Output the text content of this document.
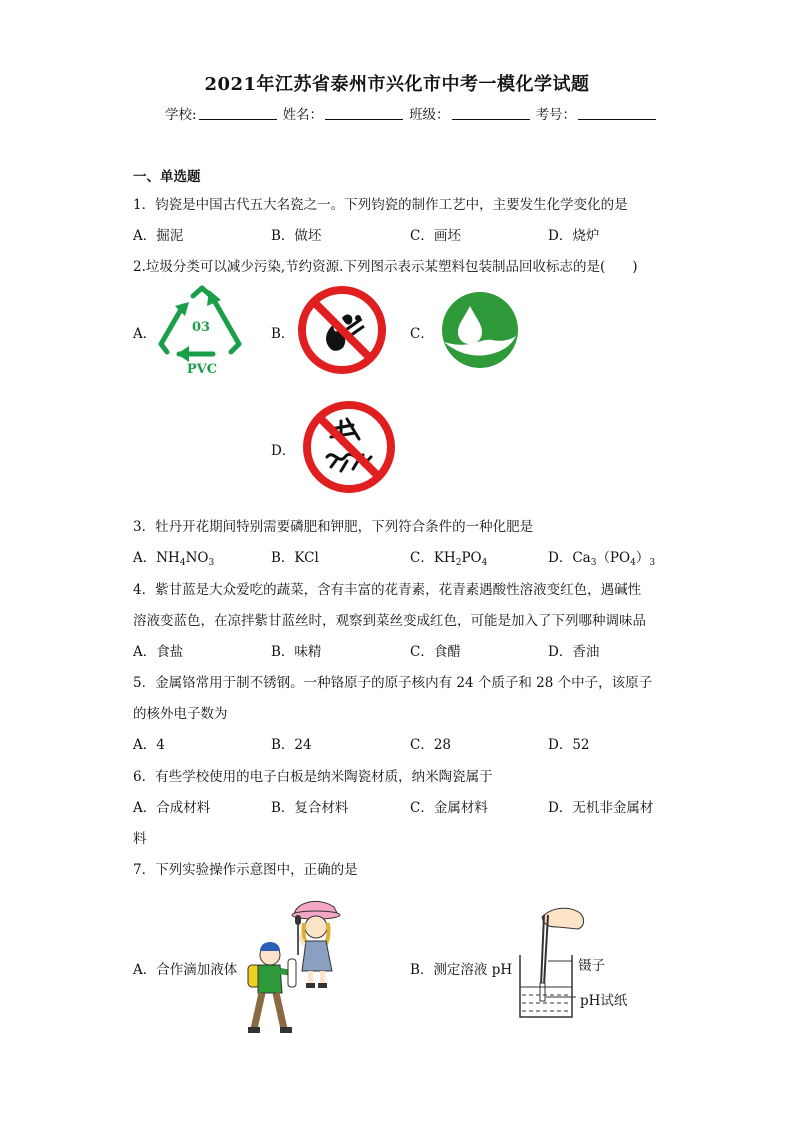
2021年江苏省泰州市兴化市中考一模化学试题
学校:	姓名：	班级：	考号：
一、单选题
1．钧瓷是中国古代五大名瓷之一。下列钧瓷的制作工艺中，主要发生化学变化的是
A．掘泥	B．做坯	C．画坯	D．烧炉
2.垃圾分类可以减少污染,节约资源.下列图示表示某塑料包装制品回收标志的是(　　)
A．	03
PVC
B．	C．
D．
3．牡丹开花期间特别需要磷肥和钾肥，下列符合条件的一种化肥是
A．$NH_4NO_3$	B．KCl	C．$KH_2PO_4$	D．$Ca_3(PO_4)_3$
4．紫甘蓝是大众爱吃的蔬菜，含有丰富的花青素，花青素遇酸性溶液变红色，遇碱性
溶液变蓝色，在凉拌紫甘蓝丝时，观察到菜丝变成红色，可能是加入了下列哪种调味品
A．食盐	B．味精	C．食醋	D．香油
5．金属铬常用于制不锈钢。一种铬原子的原子核内有 24 个质子和 28 个中子，该原子
的核外电子数为
A．4	B．24	C．28	D．52
6．有些学校使用的电子白板是纳米陶瓷材质，纳米陶瓷属于
A．合成材料	B．复合材料	C．金属材料	D．无机非金属材
料
7．下列实验操作示意图中，正确的是
A．合作滴加液体	B．测定溶液 pH	镊子
pH试纸
